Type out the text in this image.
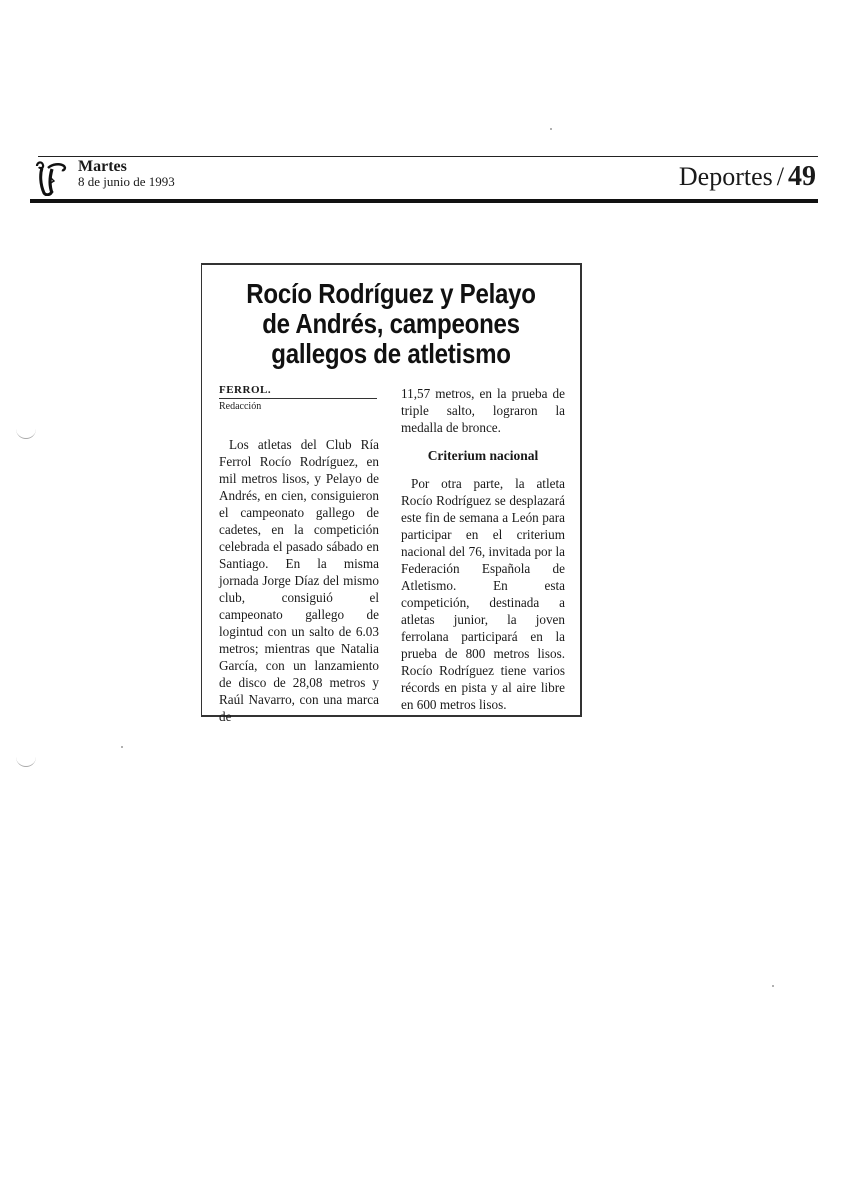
Martes
8 de junio de 1993	Deportes / 49
Rocío Rodríguez y Pelayo de Andrés, campeones gallegos de atletismo
FERROL.
Redacción

Los atletas del Club Ría Ferrol Rocío Rodríguez, en mil metros lisos, y Pelayo de Andrés, en cien, consiguieron el campeonato gallego de cadetes, en la competición celebrada el pasado sábado en Santiago. En la misma jornada Jorge Díaz del mismo club, consiguió el campeonato gallego de logintud con un salto de 6.03 metros; mientras que Natalia García, con un lanzamiento de disco de 28,08 metros y Raúl Navarro, con una marca de

11,57 metros, en la prueba de triple salto, lograron la medalla de bronce.

Criterium nacional

Por otra parte, la atleta Rocío Rodríguez se desplazará este fin de semana a León para participar en el criterium nacional del 76, invitada por la Federación Española de Atletismo. En esta competición, destinada a atletas junior, la joven ferrolana participará en la prueba de 800 metros lisos. Rocío Rodríguez tiene varios récords en pista y al aire libre en 600 metros lisos.
